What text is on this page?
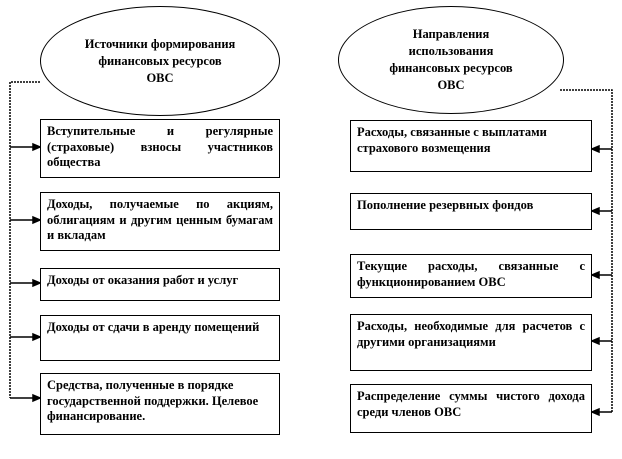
Источники формирования
финансовых ресурсов
ОВС
Направления
использования
финансовых ресурсов
ОВС
Вступительные и регулярные (страховые) взносы участников общества
Доходы, получаемые по акциям, облигациям и другим ценным бумагам и вкладам
Доходы от оказания работ и услуг
Доходы от сдачи в аренду помещений
Средства, полученные в порядке государственной поддержки. Целевое финансирование.
Расходы, связанные с выплатами страхового возмещения
Пополнение резервных фондов
Текущие расходы, связанные с функционированием ОВС
Расходы, необходимые для расчетов с другими организациями
Распределение суммы чистого дохода среди членов ОВС
